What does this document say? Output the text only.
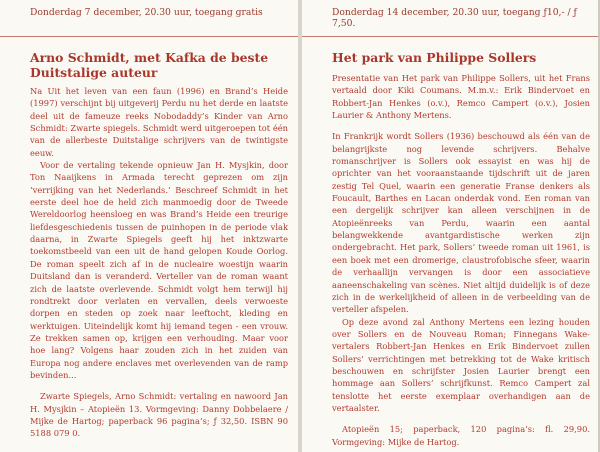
Donderdag 7 december, 20.30 uur, toegang gratis
Arno Schmidt, met Kafka de beste Duitstalige auteur

Na Uit het leven van een faun (1996) en Brand’s Heide (1997) verschijnt bij uitgeverij Perdu nu het derde en laatste deel uit de fameuze reeks Nobodaddy’s Kinder van Arno Schmidt: Zwarte spiegels. Schmidt werd uitgeroepen tot één van de allerbeste Duitstalige schrijvers van de twintigste eeuw.

Voor de vertaling tekende opnieuw Jan H. Mysjkin, door Ton Naaijkens in Armada terecht geprezen om zijn ‘verrijking van het Nederlands.’ Beschreef Schmidt in het eerste deel hoe de held zich manmoedig door de Tweede Wereldoorlog heensloeg en was Brand’s Heide een treurige liefdesgeschiedenis tussen de puinhopen in de periode vlak daarna, in Zwarte Spiegels geeft hij het inktzwarte toekomstbeeld van een uit de hand gelopen Koude Oorlog. De roman speelt zich af in de nucleaire woestijn waarin Duitsland dan is veranderd. Verteller van de roman waant zich de laatste overlevende. Schmidt volgt hem terwijl hij rondtrekt door verlaten en vervallen, deels verwoeste dorpen en steden op zoek naar leeftocht, kleding en werktuigen. Uiteindelijk komt hij iemand tegen - een vrouw. Ze trekken samen op, krijgen een verhouding. Maar voor hoe lang? Volgens haar zouden zich in het zuiden van Europa nog andere enclaves met overlevenden van de ramp bevinden...

Zwarte Spiegels, Arno Schmidt: vertaling en nawoord Jan H. Mysjkin – Atopieën 13. Vormgeving: Danny Dobbelaere / Mijke de Hartog; paperback 96 pagina’s; ƒ 32,50. ISBN 90 5188 079 0.

Donderdag 14 december, 20.30 uur, toegang ƒ10,- / ƒ 7,50.
Het park van Philippe Sollers

Presentatie van Het park van Philippe Sollers, uit het Frans vertaald door Kiki Coumans. M.m.v.: Erik Bindervoet en Robbert-Jan Henkes (o.v.), Remco Campert (o.v.), Josien Laurier & Anthony Mertens.

In Frankrijk wordt Sollers (1936) beschouwd als één van de belangrijkste nog levende schrijvers. Behalve romanschrijver is Sollers ook essayist en was hij de oprichter van het vooraanstaande tijdschrift uit de jaren zestig Tel Quel, waarin een generatie Franse denkers als Foucault, Barthes en Lacan onderdak vond. Een roman van een dergelijk schrijver kan alleen verschijnen in de Atopieënreeks van Perdu, waarin een aantal belangwekkende avantgardistische werken zijn ondergebracht. Het park, Sollers’ tweede roman uit 1961, is een boek met een dromerige, claustrofobische sfeer, waarin de verhaallijn vervangen is door een associatieve aaneenschakeling van scènes. Niet altijd duidelijk is of deze zich in de werkelijkheid of alleen in de verbeelding van de verteller afspelen.

Op deze avond zal Anthony Mertens een lezing houden over Sollers en de Nouveau Roman; Finnegans Wake-vertalers Robbert-Jan Henkes en Erik Bindervoet zullen Sollers’ verrichtingen met betrekking tot de Wake kritisch beschouwen en schrijfster Josien Laurier brengt een hommage aan Sollers’ schrijfkunst. Remco Campert zal tenslotte het eerste exemplaar overhandigen aan de vertaalster.

Atopieën 15; paperback, 120 pagina’s: fl. 29,90. Vormgeving: Mijke de Hartog.
